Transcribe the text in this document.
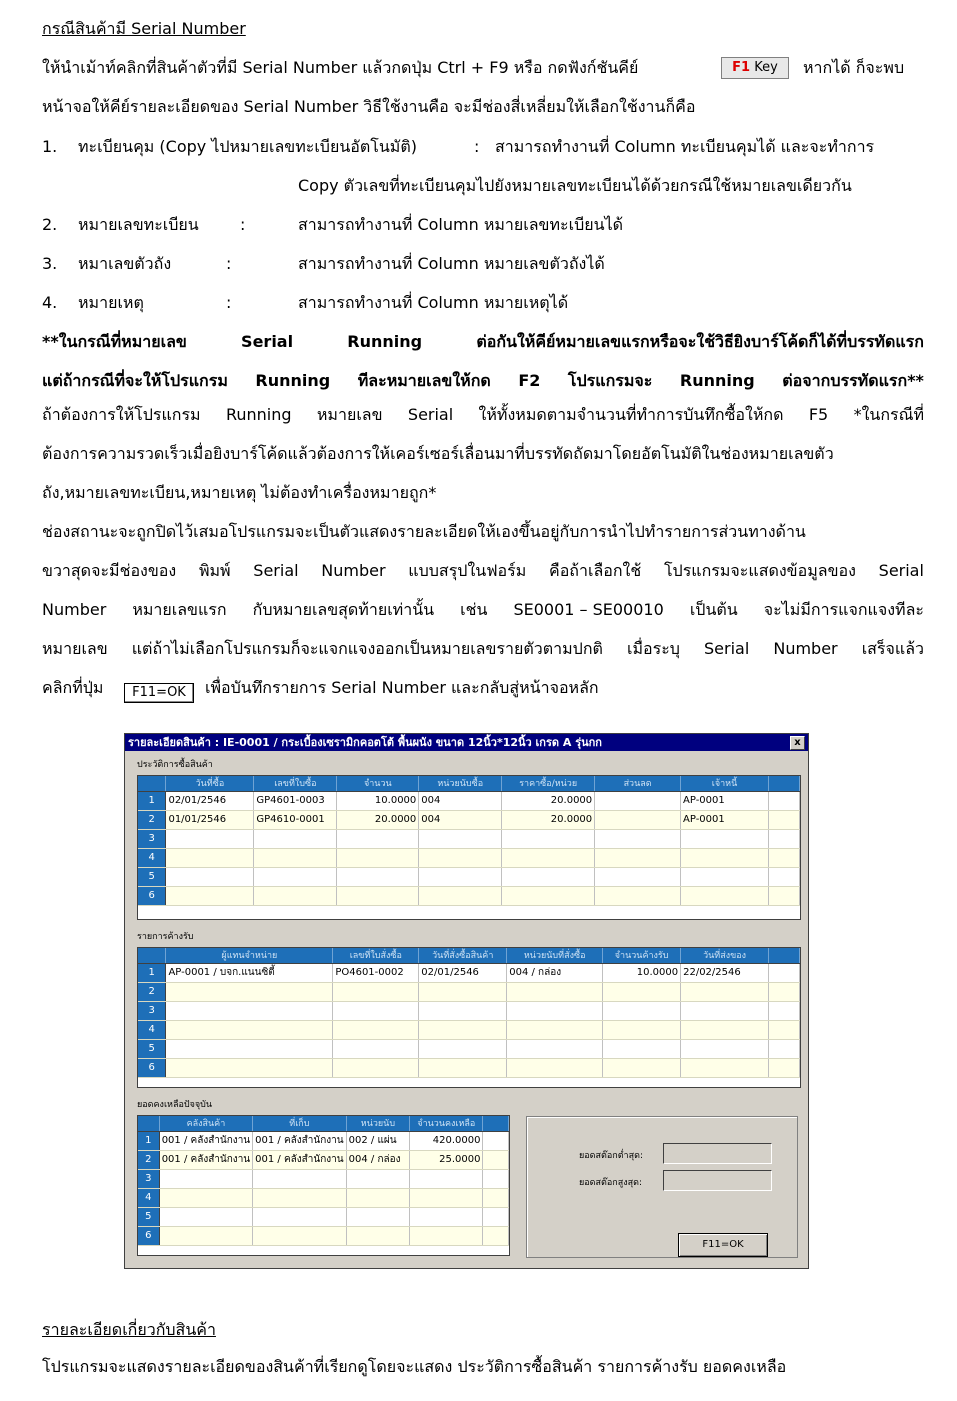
กรณีสินค้ามี Serial Number
ให้นำเม้าท์คลิกที่สินค้าตัวที่มี Serial Number แล้วกดปุ่ม Ctrl + F9 หรือ กดฟังก์ชันคีย์	F1 Key	หากได้ ก็จะพบ
หน้าจอให้คีย์รายละเอียดของ Serial Number วิธีใช้งานคือ จะมีช่องสี่เหลี่ยมให้เลือกใช้งานก็คือ
1. ทะเบียนคุม (Copy ไปหมายเลขทะเบียนอัตโนมัติ)	: สามารถทำงานที่ Column ทะเบียนคุมได้ และจะทำการ
Copy ตัวเลขที่ทะเบียนคุมไปยังหมายเลขทะเบียนได้ด้วยกรณีใช้หมายเลขเดียวกัน
2. หมายเลขทะเบียน	:	สามารถทำงานที่ Column หมายเลขทะเบียนได้
3. หมาเลขตัวถัง	:	สามารถทำงานที่ Column หมายเลขตัวถังได้
4. หมายเหตุ	:	สามารถทำงานที่ Column หมายเหตุได้
**ในกรณีที่หมายเลข	Serial	Running	ต่อกันให้คีย์หมายเลขแรกหรือจะใช้วิธียิงบาร์โค้ดก็ได้ที่บรรทัดแรก
แต่ถ้ากรณีที่จะให้โปรแกรม Running ทีละหมายเลขให้กด F2 โปรแกรมจะ Running ต่อจากบรรทัดแรก**
ถ้าต้องการให้โปรแกรม Running หมายเลข Serial ให้ทั้งหมดตามจำนวนที่ทำการบันทึกซื้อให้กด F5 *ในกรณีที่
ต้องการความรวดเร็วเมื่อยิงบาร์โค้ดแล้วต้องการให้เคอร์เซอร์เลื่อนมาที่บรรทัดถัดมาโดยอัตโนมัติในช่องหมายเลขตัว
ถัง,หมายเลขทะเบียน,หมายเหตุ ไม่ต้องทำเครื่องหมายถูก*
ช่องสถานะจะถูกปิดไว้เสมอโปรแกรมจะเป็นตัวแสดงรายละเอียดให้เองขึ้นอยู่กับการนำไปทำรายการส่วนทางด้าน
ขวาสุดจะมีช่องของ พิมพ์ Serial Number แบบสรุปในฟอร์ม คือถ้าเลือกใช้ โปรแกรมจะแสดงข้อมูลของ Serial
Number หมายเลขแรก กับหมายเลขสุดท้ายเท่านั้น เช่น SE0001 – SE00010 เป็นต้น จะไม่มีการแจกแจงทีละ
หมายเลข แต่ถ้าไม่เลือกโปรแกรมก็จะแจกแจงออกเป็นหมายเลขรายตัวตามปกติ เมื่อระบุ Serial Number เสร็จแล้ว
คลิกที่ปุ่ม	F11=OK	เพื่อบันทึกรายการ Serial Number และกลับสู่หน้าจอหลัก
รายละเอียดสินค้า : IE-0001 / กระเบื้องเซรามิกคอตโต้ พื้นผนัง ขนาด 12นิ้ว*12นิ้ว เกรด A รุ่นกก	x
ประวัติการซื้อสินค้า
	วันที่ซื้อ	เลขที่ใบซื้อ	จำนวน	หน่วยนับซื้อ	ราคาซื้อ/หน่วย	ส่วนลด	เจ้าหนี้	
1	02/01/2546	GP4601-0003	10.0000	004	20.0000		AP-0001	
2	01/01/2546	GP4610-0001	20.0000	004	20.0000		AP-0001	
3								
4								
5								
6								
รายการค้างรับ
	ผู้แทนจำหน่าย	เลขที่ใบสั่งซื้อ	วันที่สั่งซื้อสินค้า	หน่วยนับที่สั่งซื้อ	จำนวนค้างรับ	วันที่ส่งของ	
1	AP-0001 / บจก.แนนซิตี้	PO4601-0002	02/01/2546	004 / กล่อง	10.0000	22/02/2546	
2							
3							
4							
5							
6							
ยอดคงเหลือปัจจุบัน
	คลังสินค้า	ที่เก็บ	หน่วยนับ	จำนวนคงเหลือ	
1	001 / คลังสำนักงาน	001 / คลังสำนักงาน	002 / แผ่น	420.0000	
2	001 / คลังสำนักงาน	001 / คลังสำนักงาน	004 / กล่อง	25.0000	
3					
4					
5					
6					
ยอดสต๊อกต่ำสุด:
ยอดสต๊อกสูงสุด:
F11=OK
รายละเอียดเกี่ยวกับสินค้า
โปรแกรมจะแสดงรายละเอียดของสินค้าที่เรียกดูโดยจะแสดง ประวัติการซื้อสินค้า รายการค้างรับ ยอดคงเหลือ
